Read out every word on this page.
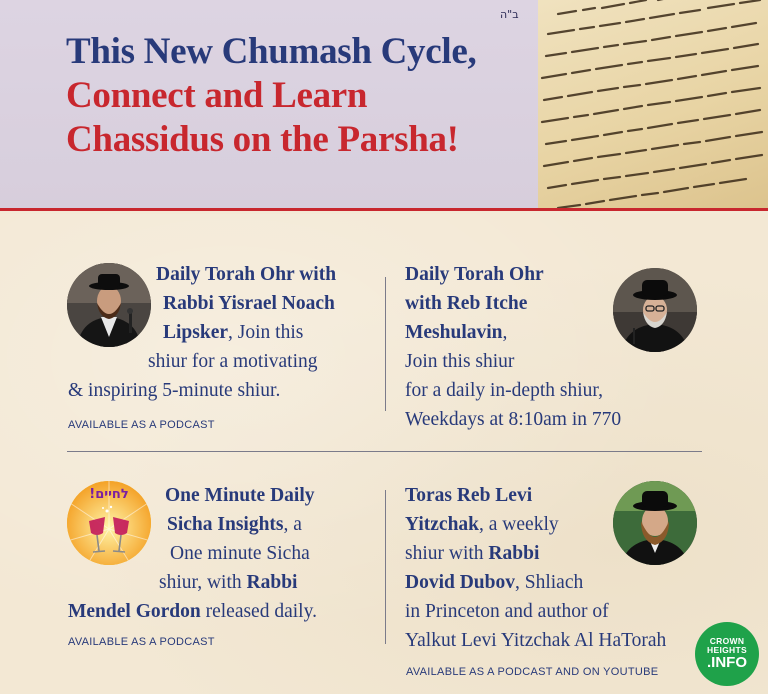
ב"ה
This New Chumash Cycle,
Connect and Learn
Chassidus on the Parsha!
Daily Torah Ohr with
Rabbi Yisrael Noach
Lipsker, Join this
shiur for a motivating
& inspiring 5-minute shiur.
AVAILABLE AS A PODCAST
Daily Torah Ohr
with Reb Itche
Meshulavin,
Join this shiur
for a daily in-depth shiur,
Weekdays at 8:10am in 770
לחיים!	One Minute Daily
Sicha Insights, a
One minute Sicha
shiur, with Rabbi
Mendel Gordon released daily.
AVAILABLE AS A PODCAST
Toras Reb Levi
Yitzchak, a weekly
shiur with Rabbi
Dovid Dubov, Shliach
in Princeton and author of
Yalkut Levi Yitzchak Al HaTorah
AVAILABLE AS A PODCAST AND ON YOUTUBE
CROWN
HEIGHTS
.INFO
